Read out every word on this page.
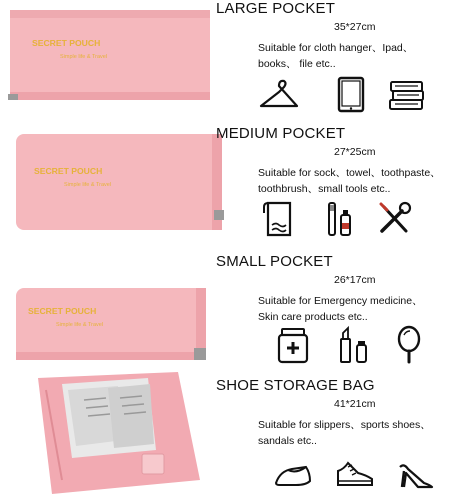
SECRET POUCH
Simple life & Travel
SECRET POUCH
Simple life & Travel
SECRET POUCH
Simple life & Travel
LARGE POCKET
35*27cm
Suitable for cloth hanger、Ipad、
books、 file etc..
MEDIUM POCKET
27*25cm
Suitable for sock、towel、toothpaste、
toothbrush、small tools etc..
SMALL POCKET
26*17cm
Suitable for Emergency medicine、
Skin care products etc..
SHOE STORAGE BAG
41*21cm
Suitable for slippers、sports shoes、
sandals etc..
